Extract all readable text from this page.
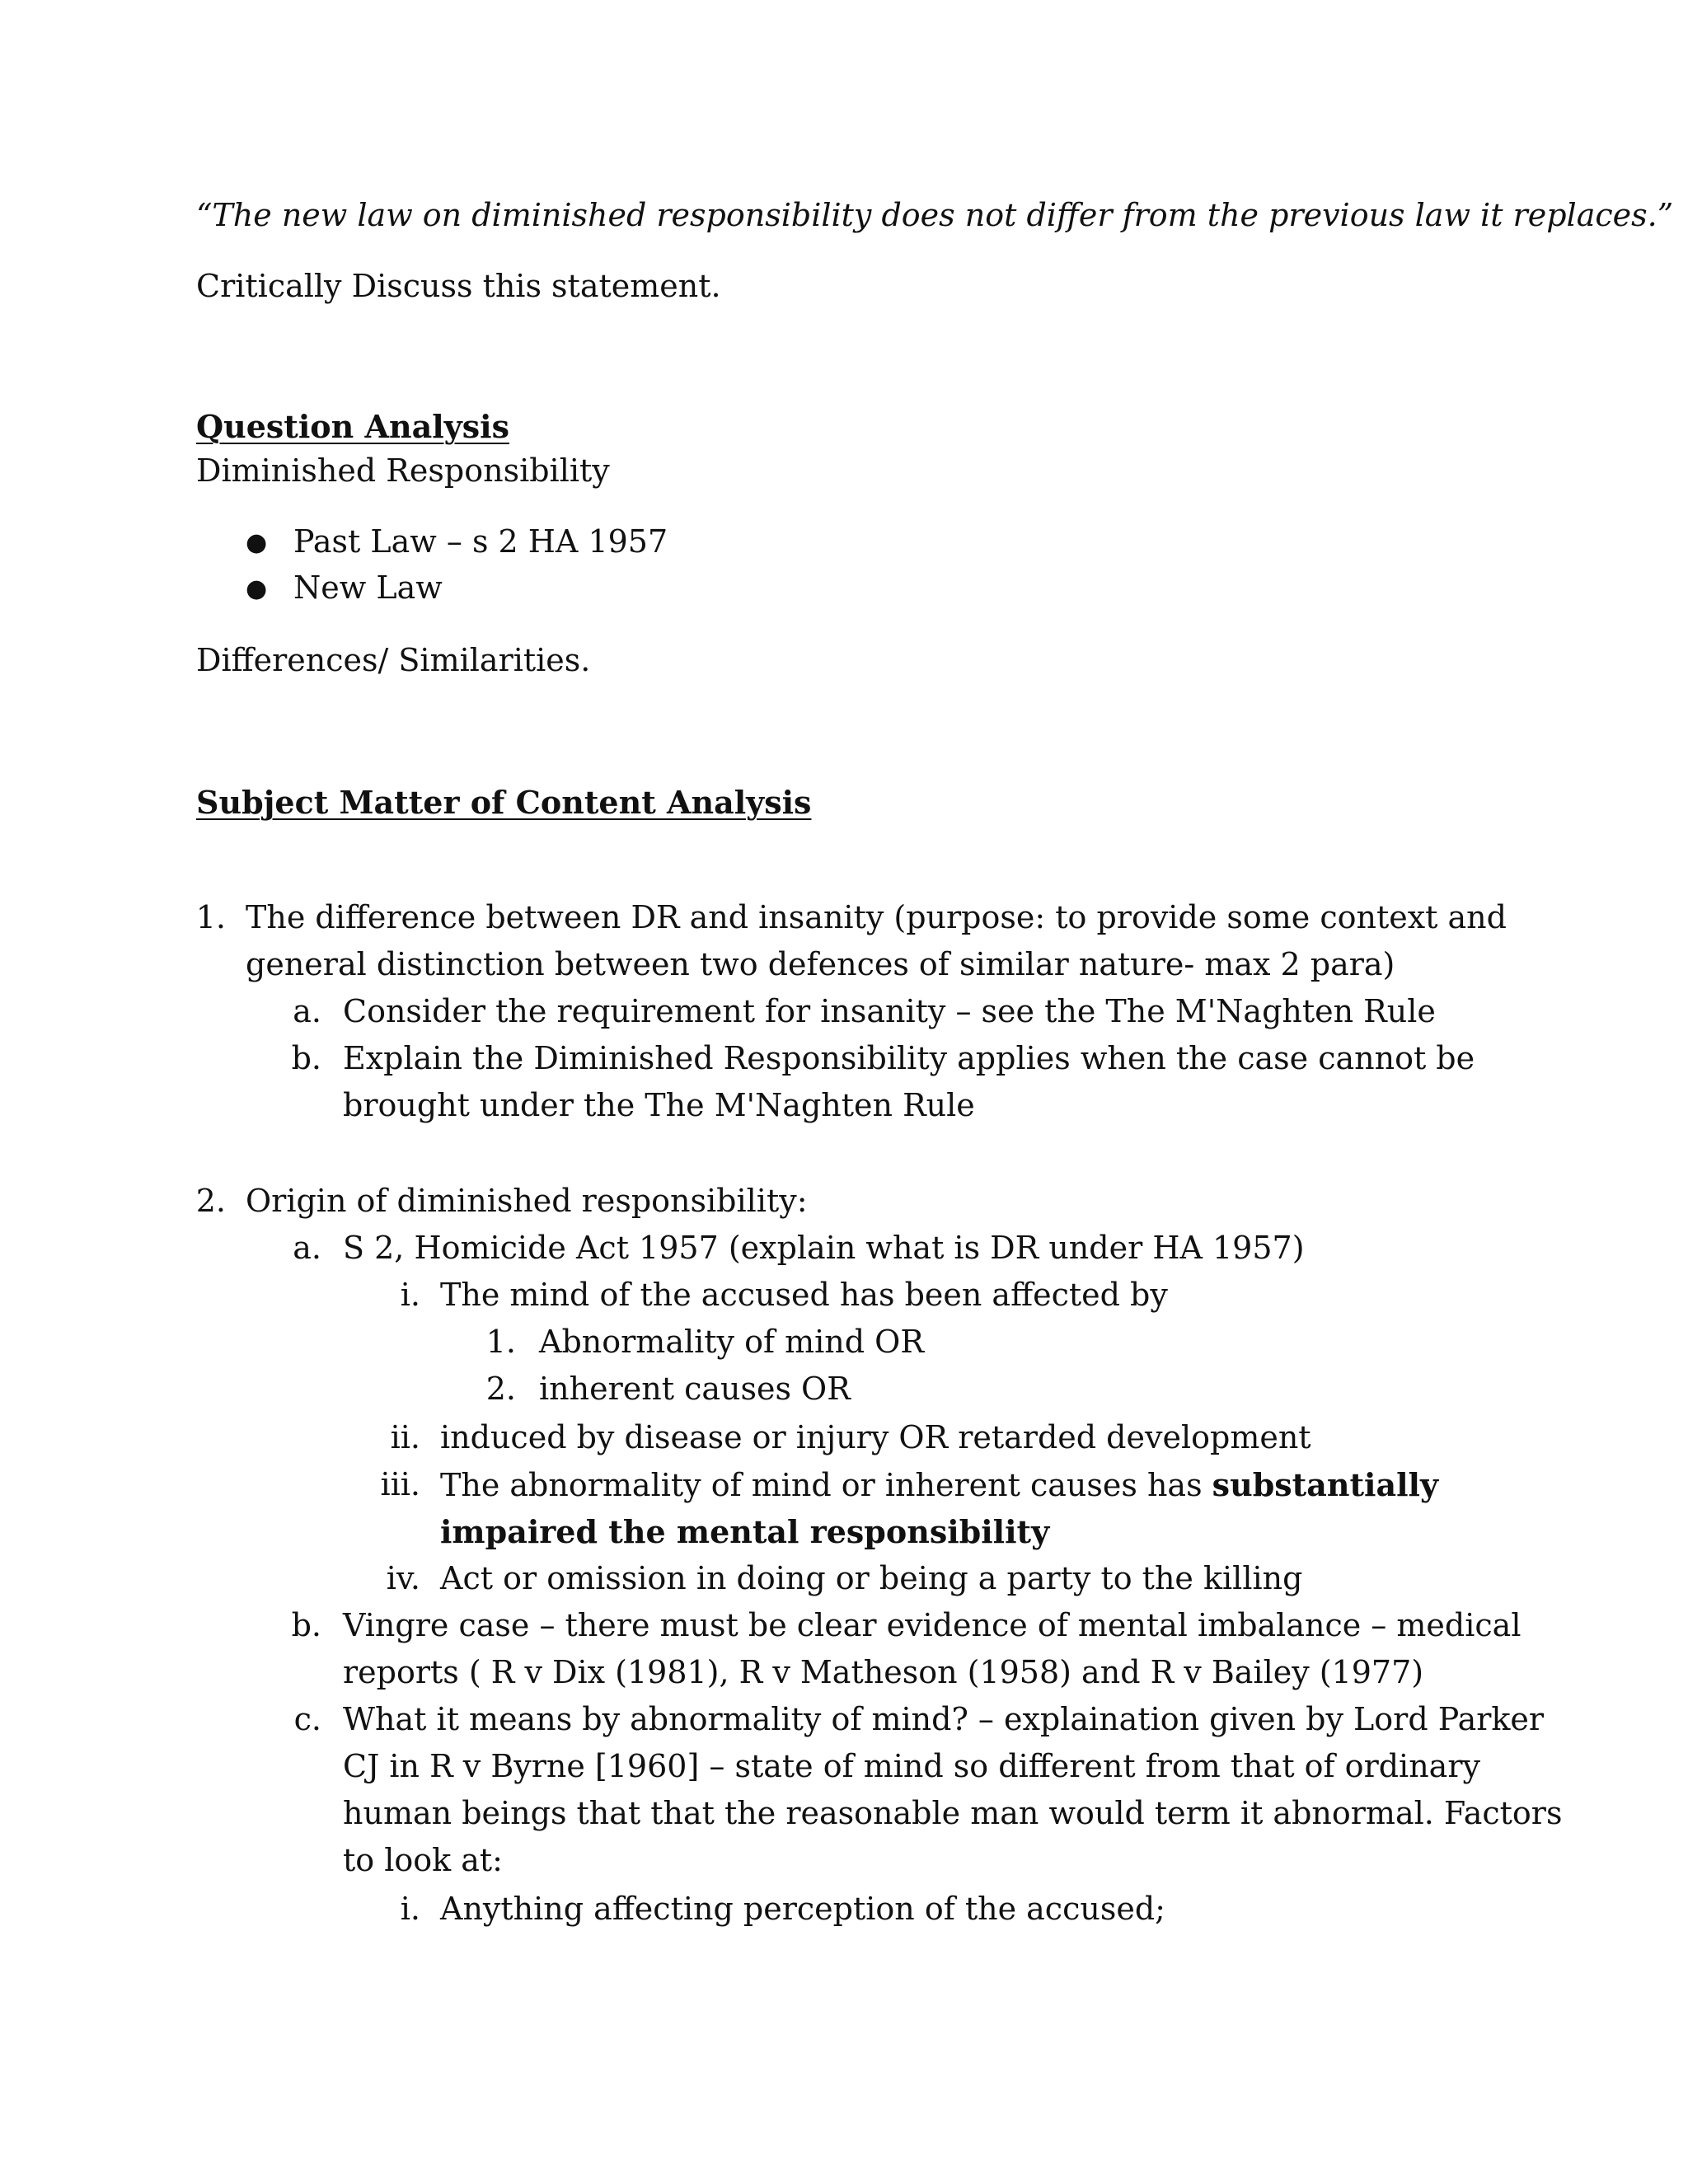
“The new law on diminished responsibility does not differ from the previous law it replaces.”
Critically Discuss this statement.
Question Analysis
Diminished Responsibility
● Past Law – s 2 HA 1957
● New Law
Differences/ Similarities.
Subject Matter of Content Analysis
1. The difference between DR and insanity (purpose: to provide some context and
general distinction between two defences of similar nature- max 2 para)
a. Consider the requirement for insanity – see the The M'Naghten Rule
b. Explain the Diminished Responsibility applies when the case cannot be
brought under the The M'Naghten Rule
2. Origin of diminished responsibility:
a. S 2, Homicide Act 1957 (explain what is DR under HA 1957)
i. The mind of the accused has been affected by
1. Abnormality of mind OR
2. inherent causes OR
ii. induced by disease or injury OR retarded development
iii. The abnormality of mind or inherent causes has substantially
impaired the mental responsibility
iv. Act or omission in doing or being a party to the killing
b. Vingre case – there must be clear evidence of mental imbalance – medical
reports ( R v Dix (1981), R v Matheson (1958) and R v Bailey (1977)
c. What it means by abnormality of mind? – explaination given by Lord Parker
CJ in R v Byrne [1960] – state of mind so different from that of ordinary
human beings that that the reasonable man would term it abnormal. Factors
to look at:
i. Anything affecting perception of the accused;
